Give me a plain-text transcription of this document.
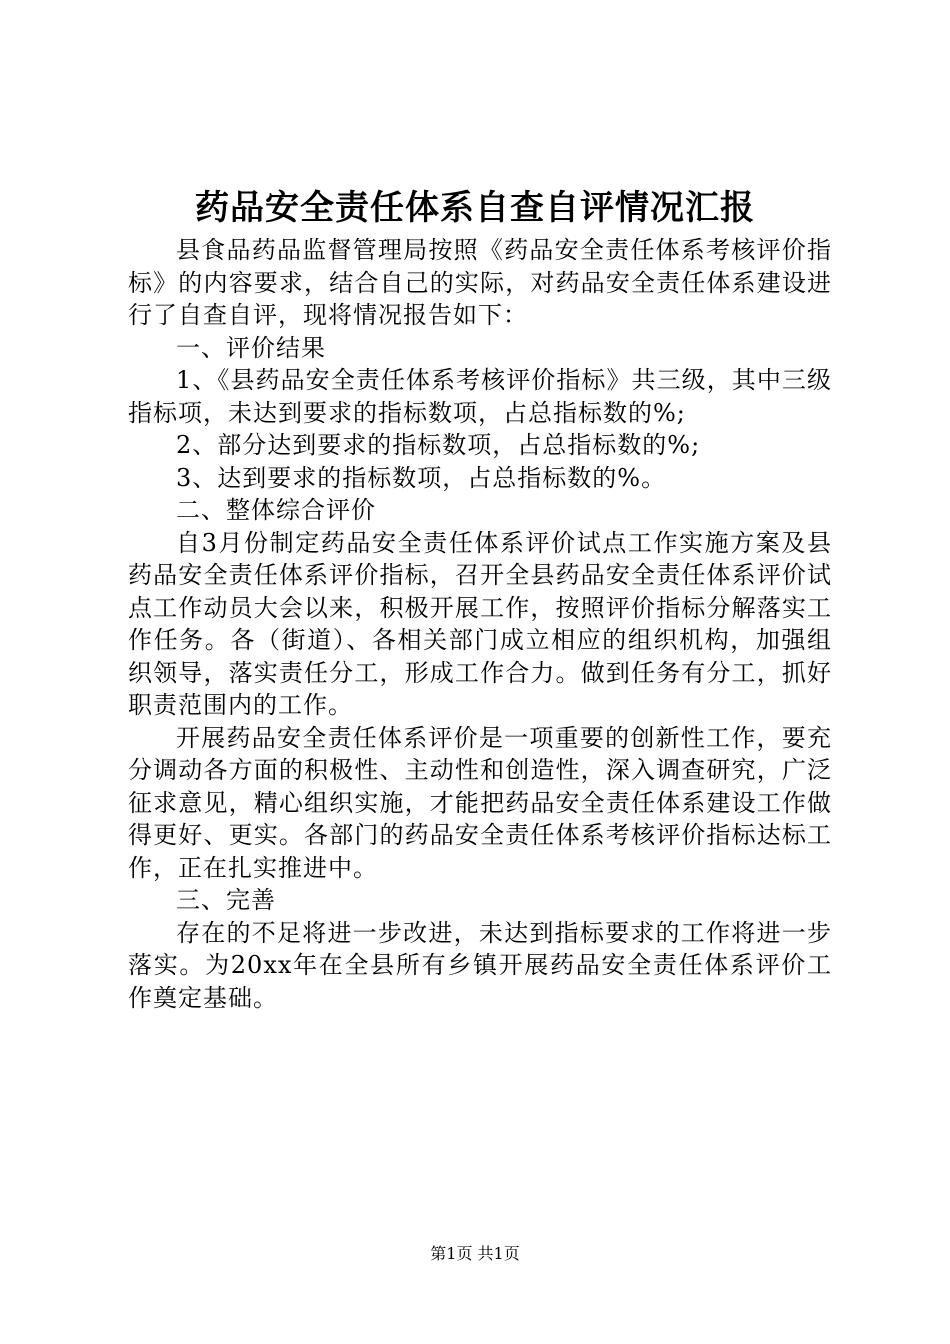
药品安全责任体系自查自评情况汇报

县食品药品监督管理局按照《药品安全责任体系考核评价指标》的内容要求，结合自己的实际，对药品安全责任体系建设进行了自查自评，现将情况报告如下：

一、评价结果

1、《县药品安全责任体系考核评价指标》共三级，其中三级指标项，未达到要求的指标数项，占总指标数的%;

2、部分达到要求的指标数项，占总指标数的%;

3、达到要求的指标数项，占总指标数的%。

二、整体综合评价

自3月份制定药品安全责任体系评价试点工作实施方案及县药品安全责任体系评价指标，召开全县药品安全责任体系评价试点工作动员大会以来，积极开展工作，按照评价指标分解落实工作任务。各（街道）、各相关部门成立相应的组织机构，加强组织领导，落实责任分工，形成工作合力。做到任务有分工，抓好职责范围内的工作。

开展药品安全责任体系评价是一项重要的创新性工作，要充分调动各方面的积极性、主动性和创造性，深入调查研究，广泛征求意见，精心组织实施，才能把药品安全责任体系建设工作做得更好、更实。各部门的药品安全责任体系考核评价指标达标工作，正在扎实推进中。

三、完善

存在的不足将进一步改进，未达到指标要求的工作将进一步落实。为20xx年在全县所有乡镇开展药品安全责任体系评价工作奠定基础。

第1页 共1页
